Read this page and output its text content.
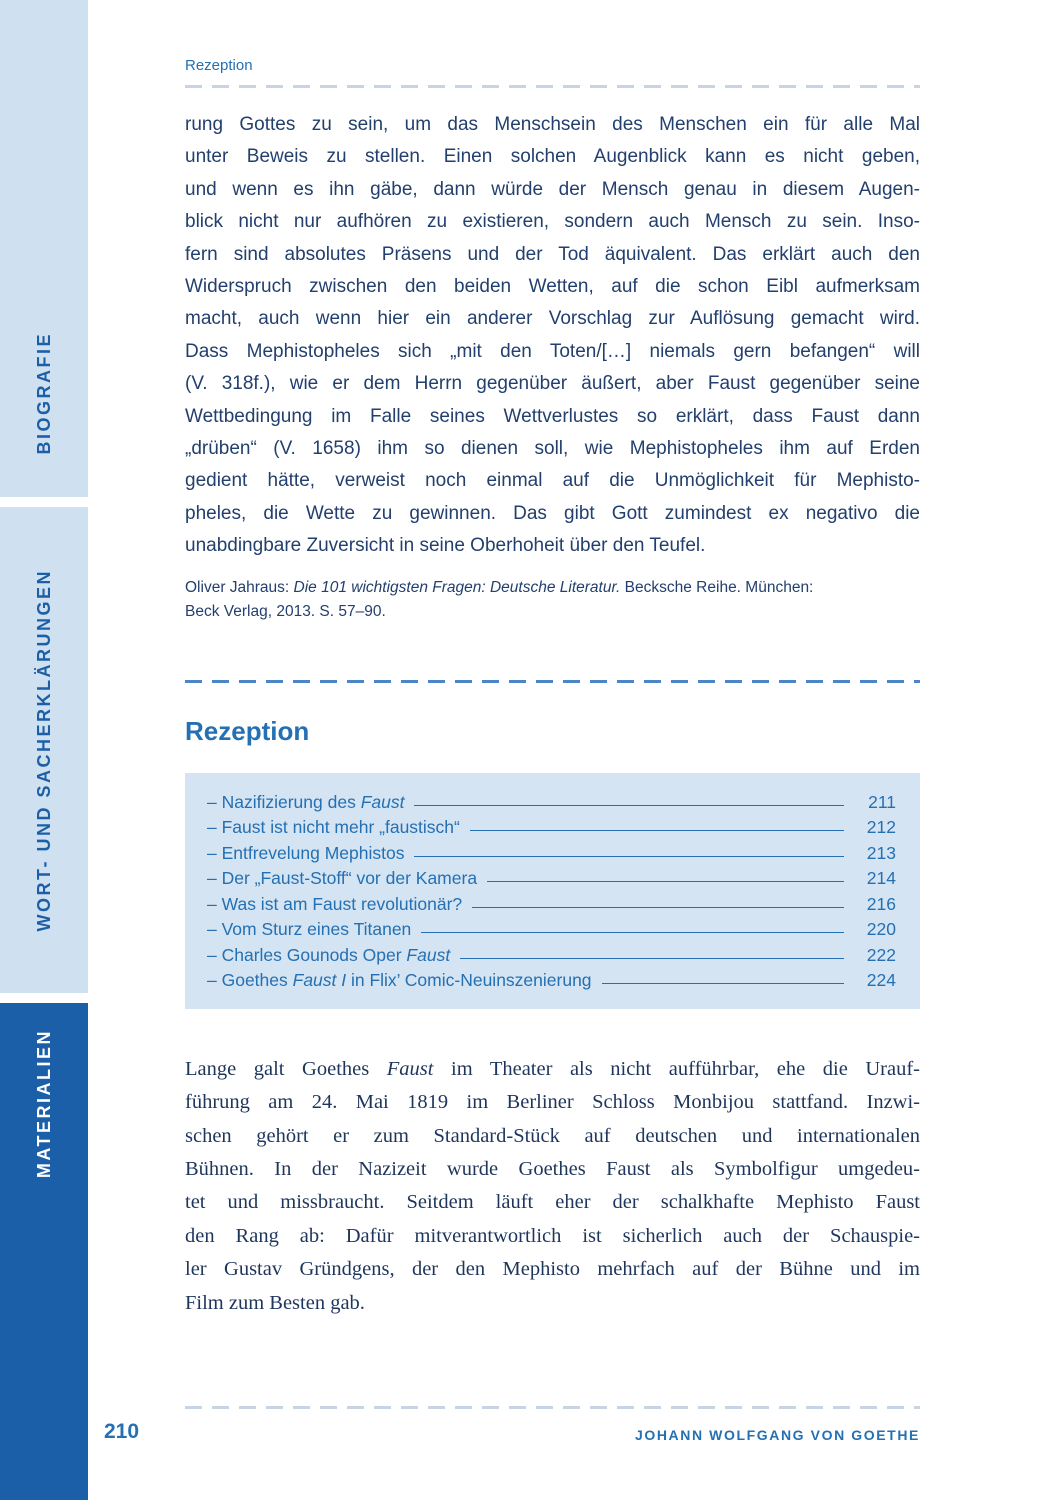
BIOGRAFIE
WORT- UND SACHERKLÄRUNGEN
MATERIALIEN
Rezeption
rung Gottes zu sein, um das Menschsein des Menschen ein für alle Mal
unter Beweis zu stellen. Einen solchen Augenblick kann es nicht geben,
und wenn es ihn gäbe, dann würde der Mensch genau in diesem Augen-
blick nicht nur aufhören zu existieren, sondern auch Mensch zu sein. Inso-
fern sind absolutes Präsens und der Tod äquivalent. Das erklärt auch den
Widerspruch zwischen den beiden Wetten, auf die schon Eibl aufmerksam
macht, auch wenn hier ein anderer Vorschlag zur Auflösung gemacht wird.
Dass Mephistopheles sich „mit den Toten/[…] niemals gern befangen“ will
(V. 318f.), wie er dem Herrn gegenüber äußert, aber Faust gegenüber seine
Wettbedingung im Falle seines Wettverlustes so erklärt, dass Faust dann
„drüben“ (V. 1658) ihm so dienen soll, wie Mephistopheles ihm auf Erden
gedient hätte, verweist noch einmal auf die Unmöglichkeit für Mephisto-
pheles, die Wette zu gewinnen. Das gibt Gott zumindest ex negativo die
unabdingbare Zuversicht in seine Oberhoheit über den Teufel.
Oliver Jahraus: Die 101 wichtigsten Fragen: Deutsche Literatur. Becksche Reihe. München:
Beck Verlag, 2013. S. 57–90.
Rezeption
– Nazifizierung des Faust	211
– Faust ist nicht mehr „faustisch“	212
– Entfrevelung Mephistos	213
– Der „Faust-Stoff“ vor der Kamera	214
– Was ist am Faust revolutionär?	216
– Vom Sturz eines Titanen	220
– Charles Gounods Oper Faust	222
– Goethes Faust I in Flix’ Comic-Neuinszenierung	224
Lange galt Goethes Faust im Theater als nicht aufführbar, ehe die Urauf-
führung am 24. Mai 1819 im Berliner Schloss Monbijou stattfand. Inzwi-
schen gehört er zum Standard-Stück auf deutschen und internationalen
Bühnen. In der Nazizeit wurde Goethes Faust als Symbolfigur umgedeu-
tet und missbraucht. Seitdem läuft eher der schalkhafte Mephisto Faust
den Rang ab: Dafür mitverantwortlich ist sicherlich auch der Schauspie-
ler Gustav Gründgens, der den Mephisto mehrfach auf der Bühne und im
Film zum Besten gab.
210	JOHANN WOLFGANG VON GOETHE
